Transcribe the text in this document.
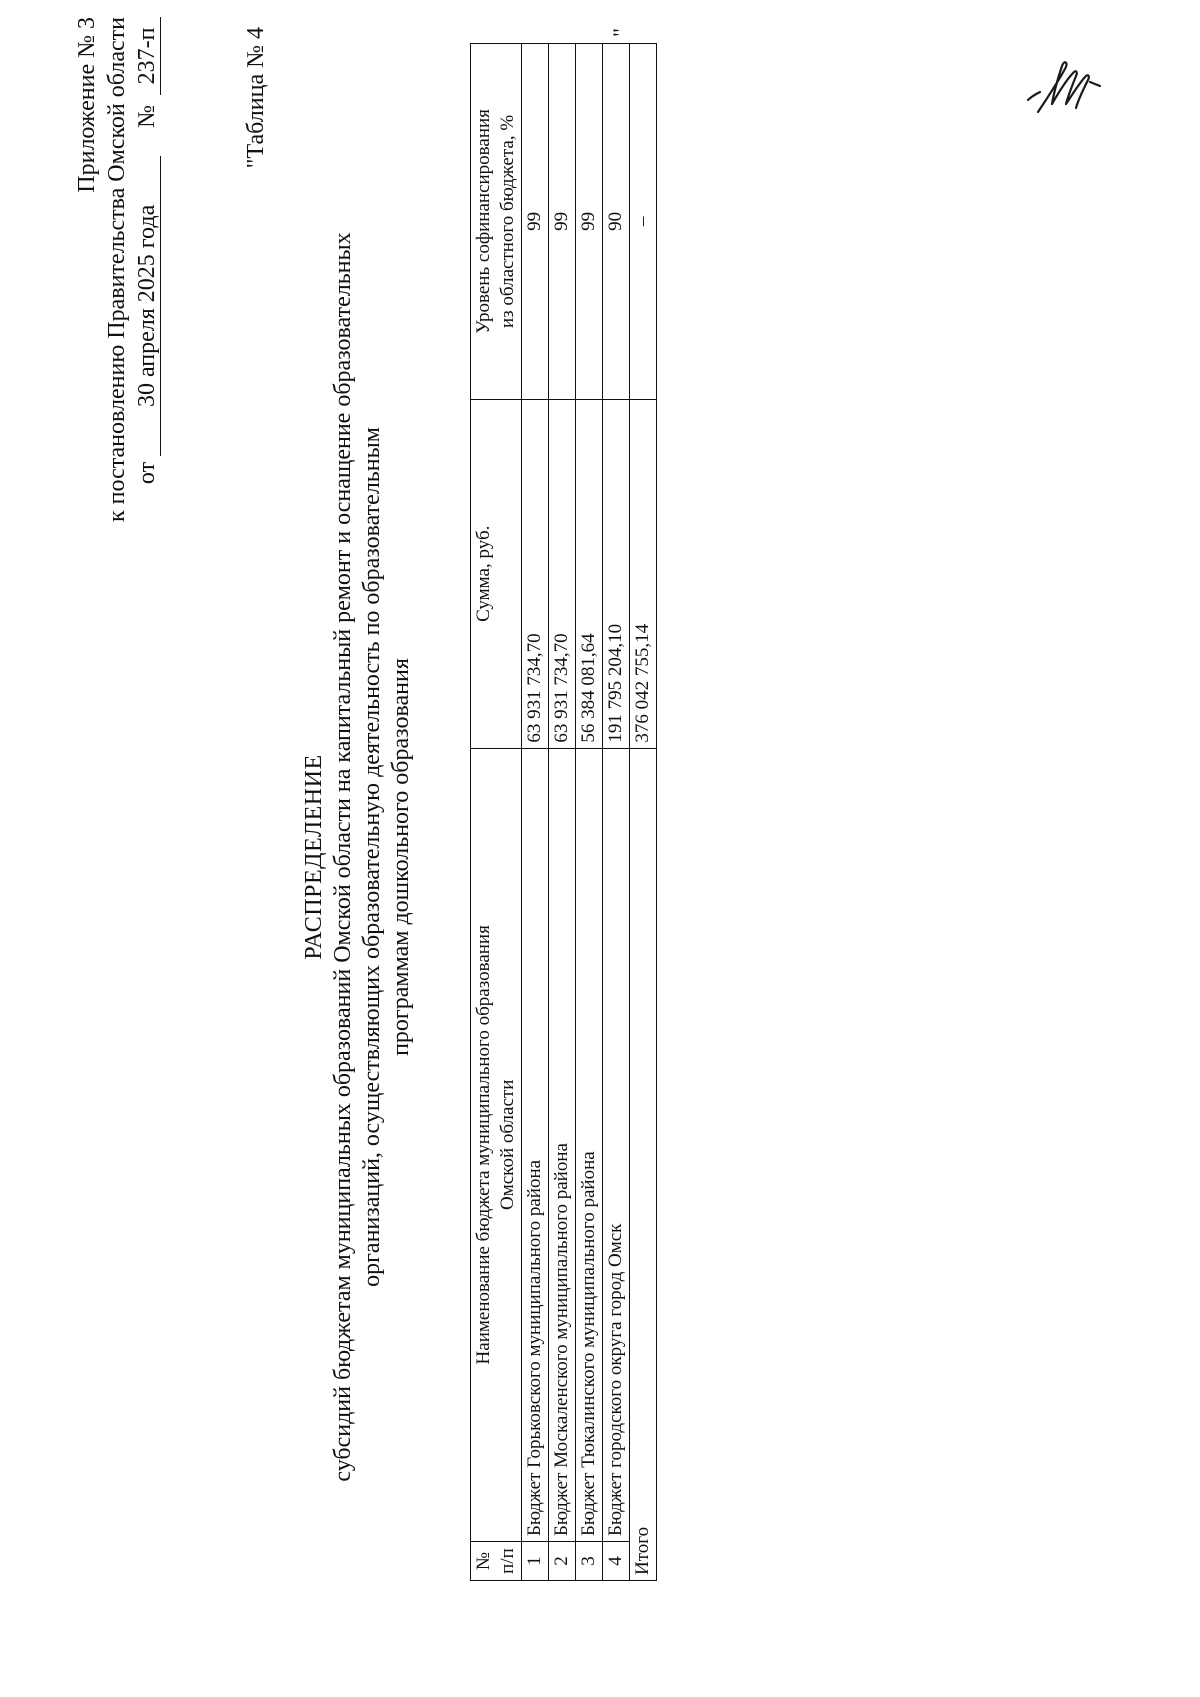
Приложение № 3 к постановлению Правительства Омской области от 30 апреля 2025 года №237-п	"Таблица № 4
РАСПРЕДЕЛЕНИЕ субсидий бюджетам муниципальных образований Омской области на капитальный ремонт и оснащение образовательных организаций, осуществляющих образовательную деятельность по образовательным программам дошкольного образования
№ п/п	Наименование бюджета муниципального образования Омской области	Сумма, руб.	Уровень софинансирования из областного бюджета, %

1	Бюджет Горьковского муниципального района	63 931 734,70	99
2	Бюджет Москаленского муниципального района	63 931 734,70	99
3	Бюджет Тюкалинского муниципального района	56 384 081,64	99
4	Бюджет городского округа город Омск	191 795 204,10	90
Итого		376 042 755,14	–
"
